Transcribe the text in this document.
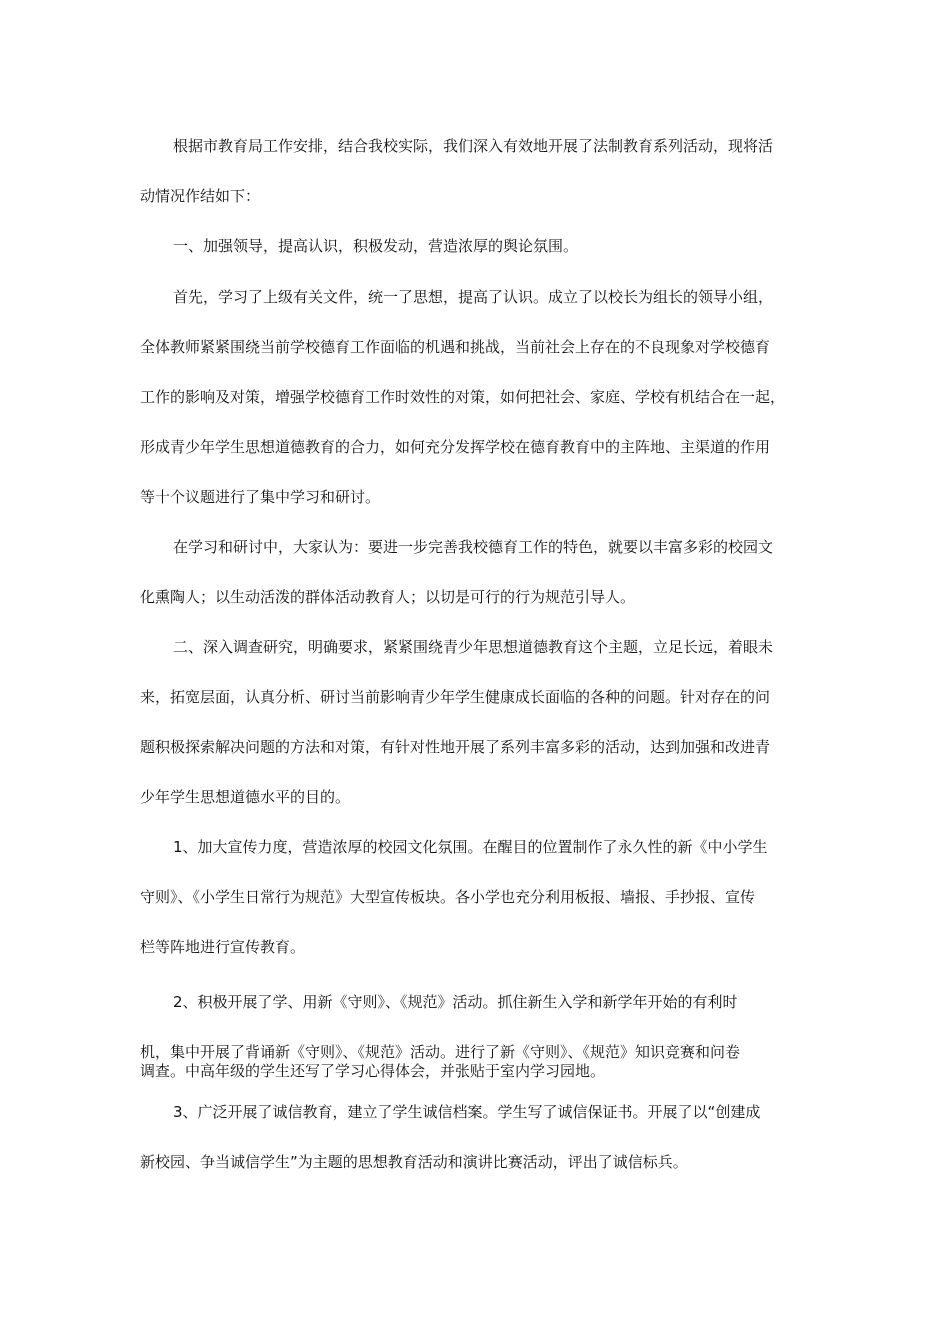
根据市教育局工作安排，结合我校实际，我们深入有效地开展了法制教育系列活动，现将活
动情况作结如下：
一、加强领导，提高认识，积极发动，营造浓厚的舆论氛围。
首先，学习了上级有关文件，统一了思想，提高了认识。成立了以校长为组长的领导小组，
全体教师紧紧围绕当前学校德育工作面临的机遇和挑战，当前社会上存在的不良现象对学校德育
工作的影响及对策，增强学校德育工作时效性的对策，如何把社会、家庭、学校有机结合在一起，
形成青少年学生思想道德教育的合力，如何充分发挥学校在德育教育中的主阵地、主渠道的作用
等十个议题进行了集中学习和研讨。
在学习和研讨中，大家认为：要进一步完善我校德育工作的特色，就要以丰富多彩的校园文
化熏陶人；以生动活泼的群体活动教育人；以切是可行的行为规范引导人。
二、深入调查研究，明确要求，紧紧围绕青少年思想道德教育这个主题，立足长远，着眼未
来，拓宽层面，认真分析、研讨当前影响青少年学生健康成长面临的各种的问题。针对存在的问
题积极探索解决问题的方法和对策，有针对性地开展了系列丰富多彩的活动，达到加强和改进青
少年学生思想道德水平的目的。
1、加大宣传力度，营造浓厚的校园文化氛围。在醒目的位置制作了永久性的新《中小学生
守则》、《小学生日常行为规范》大型宣传板块。各小学也充分利用板报、墙报、手抄报、宣传
栏等阵地进行宣传教育。
2、积极开展了学、用新《守则》、《规范》活动。抓住新生入学和新学年开始的有利时
机，集中开展了背诵新《守则》、《规范》活动。进行了新《守则》、《规范》知识竞赛和问卷
调查。中高年级的学生还写了学习心得体会，并张贴于室内学习园地。
3、广泛开展了诚信教育，建立了学生诚信档案。学生写了诚信保证书。开展了以“创建成
新校园、争当诚信学生”为主题的思想教育活动和演讲比赛活动，评出了诚信标兵。
